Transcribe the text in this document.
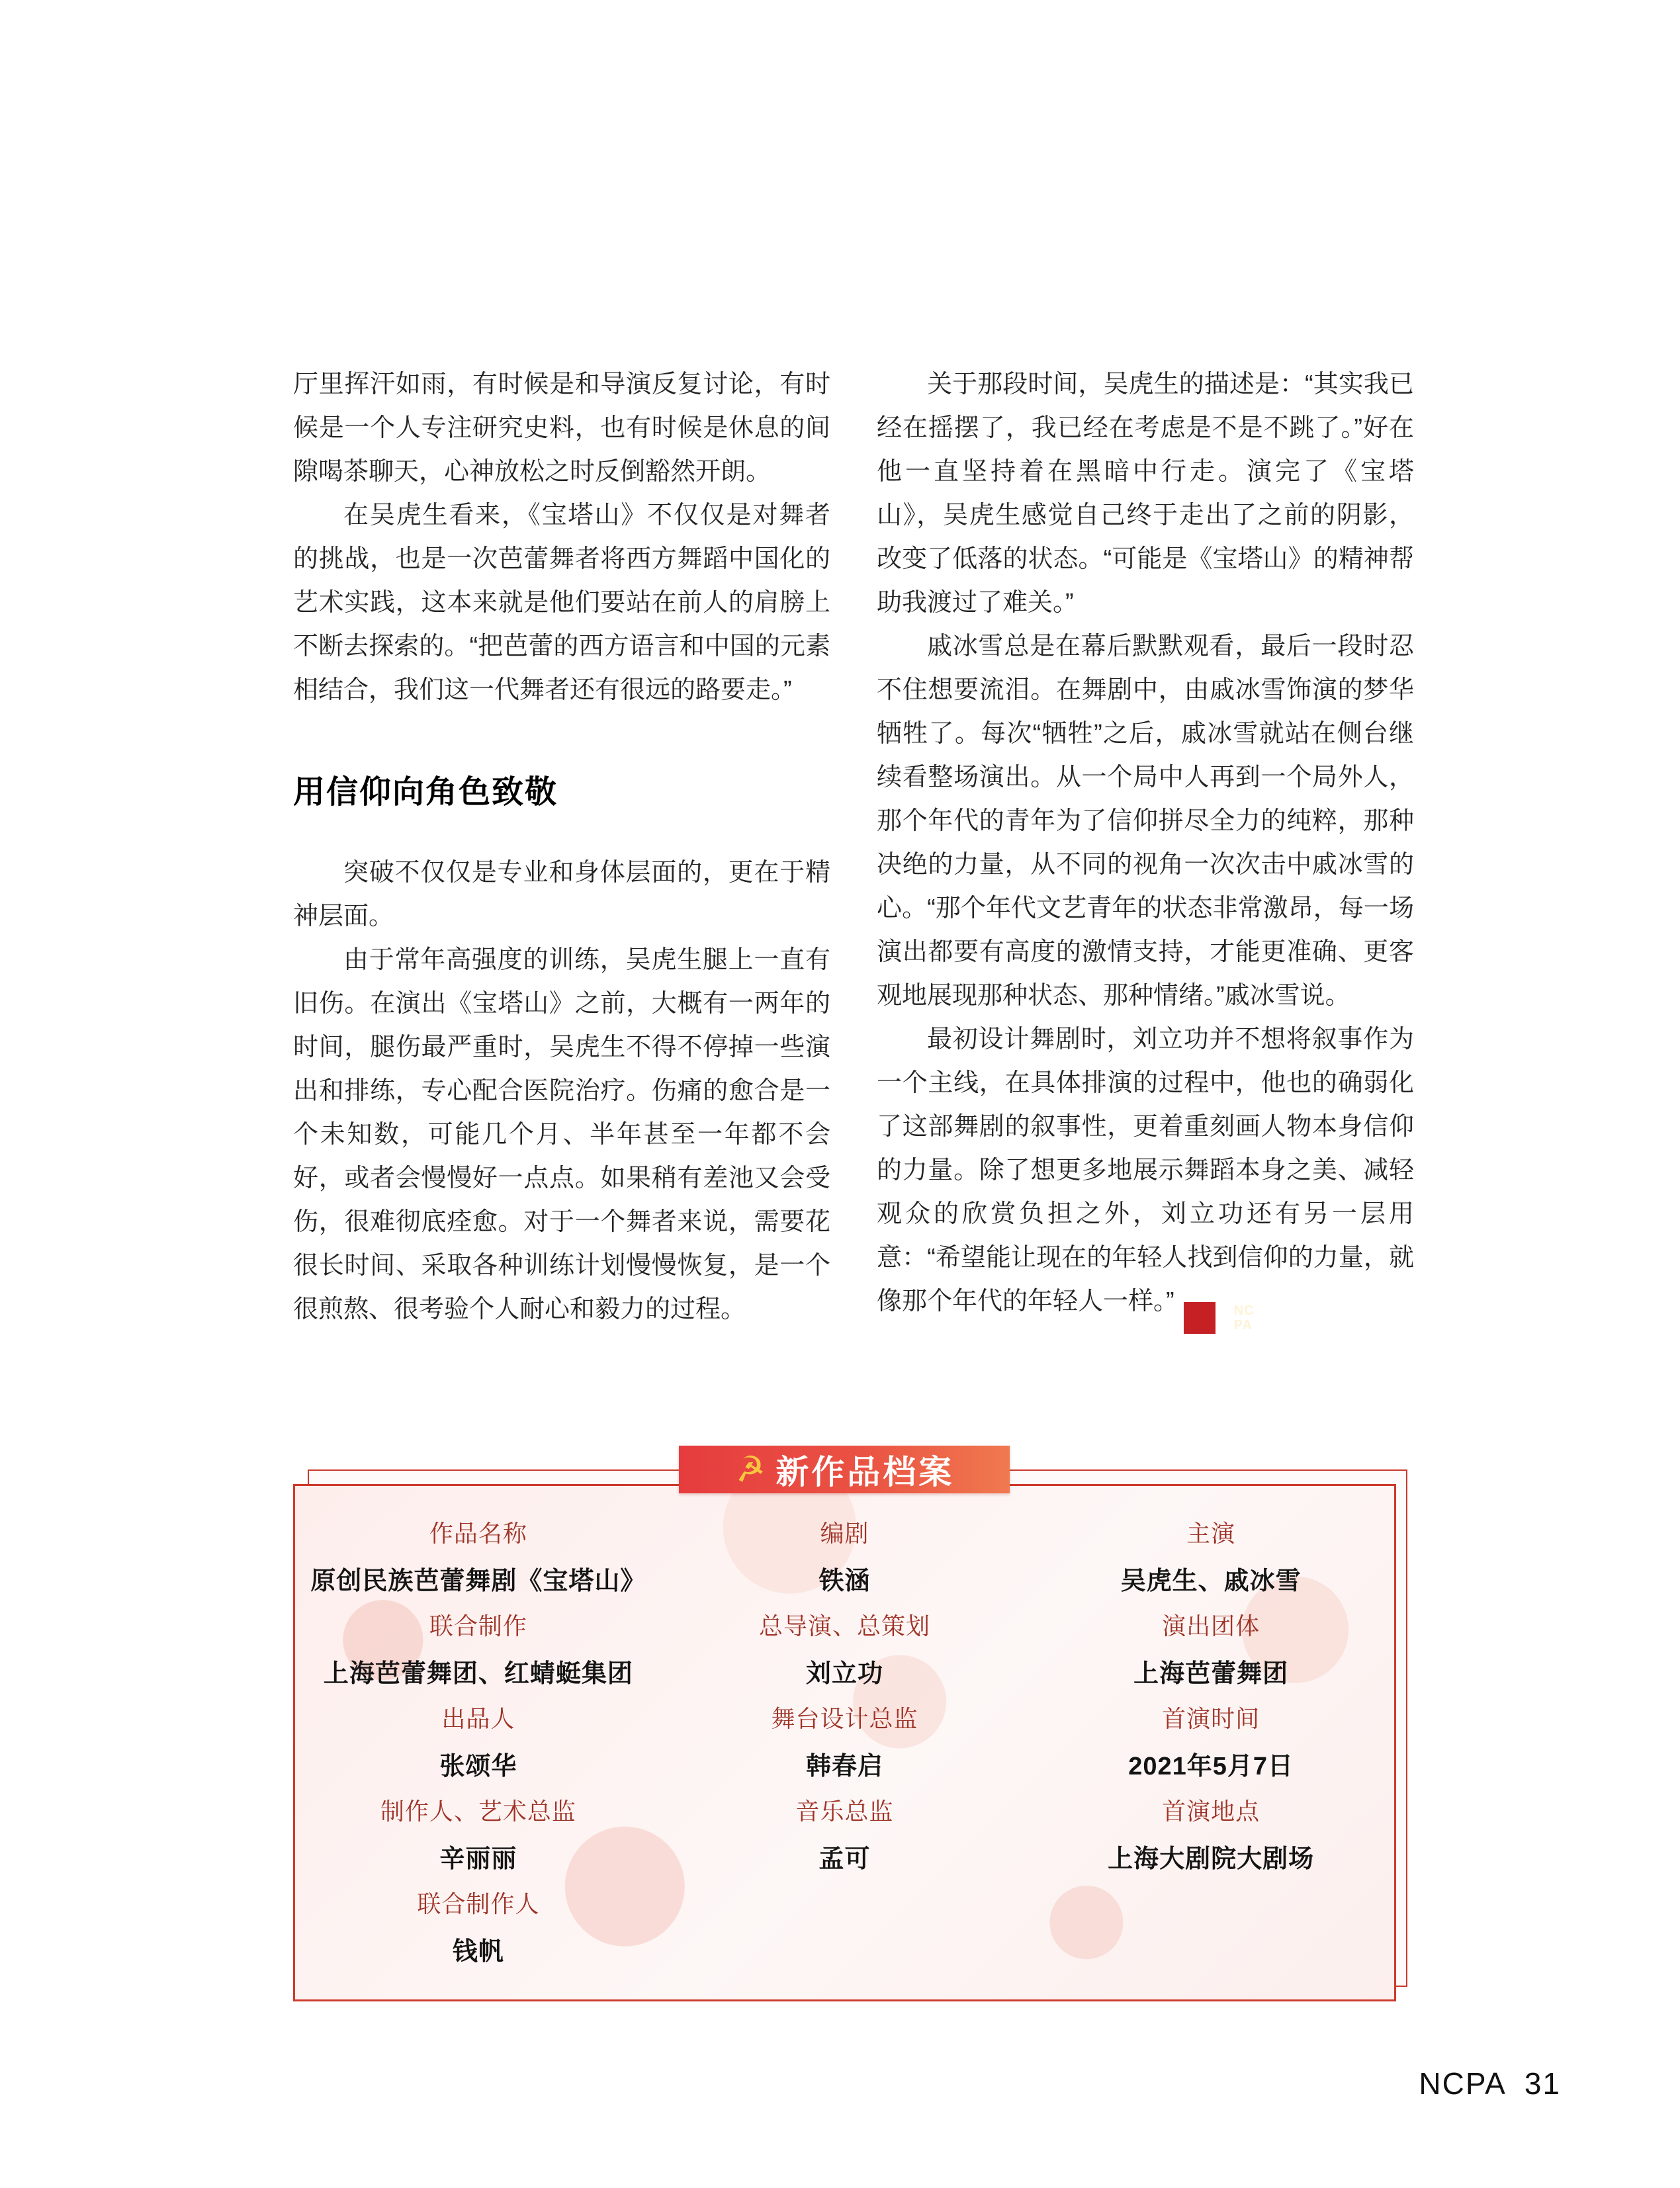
厅里挥汗如雨，有时候是和导演反复讨论，有时候是一个人专注研究史料，也有时候是休息的间隙喝茶聊天，心神放松之时反倒豁然开朗。

在吴虎生看来，《宝塔山》不仅仅是对舞者的挑战，也是一次芭蕾舞者将西方舞蹈中国化的艺术实践，这本来就是他们要站在前人的肩膀上不断去探索的。“把芭蕾的西方语言和中国的元素相结合，我们这一代舞者还有很远的路要走。”

用信仰向角色致敬

突破不仅仅是专业和身体层面的，更在于精神层面。

由于常年高强度的训练，吴虎生腿上一直有旧伤。在演出《宝塔山》之前，大概有一两年的时间，腿伤最严重时，吴虎生不得不停掉一些演出和排练，专心配合医院治疗。伤痛的愈合是一个未知数，可能几个月、半年甚至一年都不会好，或者会慢慢好一点点。如果稍有差池又会受伤，很难彻底痊愈。对于一个舞者来说，需要花很长时间、采取各种训练计划慢慢恢复，是一个很煎熬、很考验个人耐心和毅力的过程。

关于那段时间，吴虎生的描述是：“其实我已经在摇摆了，我已经在考虑是不是不跳了。”好在他一直坚持着在黑暗中行走。演完了《宝塔山》，吴虎生感觉自己终于走出了之前的阴影，改变了低落的状态。“可能是《宝塔山》的精神帮助我渡过了难关。”

戚冰雪总是在幕后默默观看，最后一段时忍不住想要流泪。在舞剧中，由戚冰雪饰演的梦华牺牲了。每次“牺牲”之后，戚冰雪就站在侧台继续看整场演出。从一个局中人再到一个局外人，那个年代的青年为了信仰拼尽全力的纯粹，那种决绝的力量，从不同的视角一次次击中戚冰雪的心。“那个年代文艺青年的状态非常激昂，每一场演出都要有高度的激情支持，才能更准确、更客观地展现那种状态、那种情绪。”戚冰雪说。

最初设计舞剧时，刘立功并不想将叙事作为一个主线，在具体排演的过程中，他也的确弱化了这部舞剧的叙事性，更着重刻画人物本身信仰的力量。除了想更多地展示舞蹈本身之美、减轻观众的欣赏负担之外，刘立功还有另一层用意：“希望能让现在的年轻人找到信仰的力量，就像那个年代的年轻人一样。”	NC
PA

作品名称
原创民族芭蕾舞剧《宝塔山》
编剧
铁涵
主演
吴虎生、戚冰雪
联合制作
上海芭蕾舞团、红蜻蜓集团
总导演、总策划
刘立功
演出团体
上海芭蕾舞团
出品人
张颂华
舞台设计总监
韩春启
首演时间
2021年5月7日
制作人、艺术总监
辛丽丽
音乐总监
孟可
首演地点
上海大剧院大剧场
联合制作人
钱帆
☭ 新作品档案
NCPA  31
